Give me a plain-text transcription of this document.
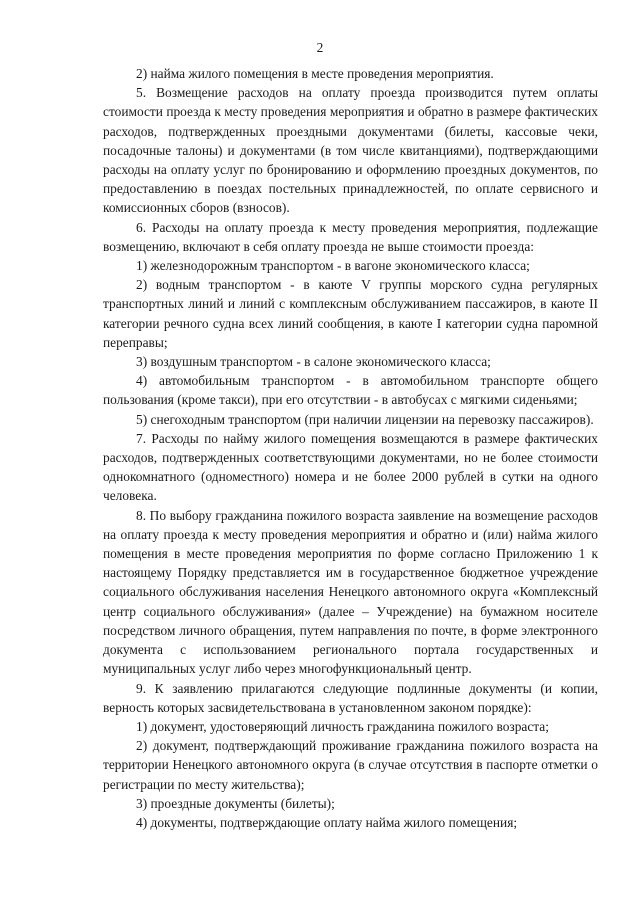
2

2) найма жилого помещения в месте проведения мероприятия.

5. Возмещение расходов на оплату проезда производится путем оплаты стоимости проезда к месту проведения мероприятия и обратно в размере фактических расходов, подтвержденных проездными документами (билеты, кассовые чеки, посадочные талоны) и документами (в том числе квитанциями), подтверждающими расходы на оплату услуг по бронированию и оформлению проездных документов, по предоставлению в поездах постельных принадлежностей, по оплате сервисного и комиссионных сборов (взносов).

6. Расходы на оплату проезда к месту проведения мероприятия, подлежащие возмещению, включают в себя оплату проезда не выше стоимости проезда:

1) железнодорожным транспортом - в вагоне экономического класса;

2) водным транспортом - в каюте V группы морского судна регулярных транспортных линий и линий с комплексным обслуживанием пассажиров, в каюте II категории речного судна всех линий сообщения, в каюте I категории судна паромной переправы;

3) воздушным транспортом - в салоне экономического класса;

4) автомобильным транспортом - в автомобильном транспорте общего пользования (кроме такси), при его отсутствии - в автобусах с мягкими сиденьями;

5) снегоходным транспортом (при наличии лицензии на перевозку пассажиров).

7. Расходы по найму жилого помещения возмещаются в размере фактических расходов, подтвержденных соответствующими документами, но не более стоимости однокомнатного (одноместного) номера и не более 2000 рублей в сутки на одного человека.

8. По выбору гражданина пожилого возраста заявление на возмещение расходов на оплату проезда к месту проведения мероприятия и обратно и (или) найма жилого помещения в месте проведения мероприятия по форме согласно Приложению 1 к настоящему Порядку представляется им в государственное бюджетное учреждение социального обслуживания населения Ненецкого автономного округа «Комплексный центр социального обслуживания» (далее – Учреждение) на бумажном носителе посредством личного обращения, путем направления по почте, в форме электронного документа с использованием регионального портала государственных и муниципальных услуг либо через многофункциональный центр.

9. К заявлению прилагаются следующие подлинные документы (и копии, верность которых засвидетельствована в установленном законом порядке):

1) документ, удостоверяющий личность гражданина пожилого возраста;

2) документ, подтверждающий проживание гражданина пожилого возраста на территории Ненецкого автономного округа (в случае отсутствия в паспорте отметки о регистрации по месту жительства);

3) проездные документы (билеты);

4) документы, подтверждающие оплату найма жилого помещения;
